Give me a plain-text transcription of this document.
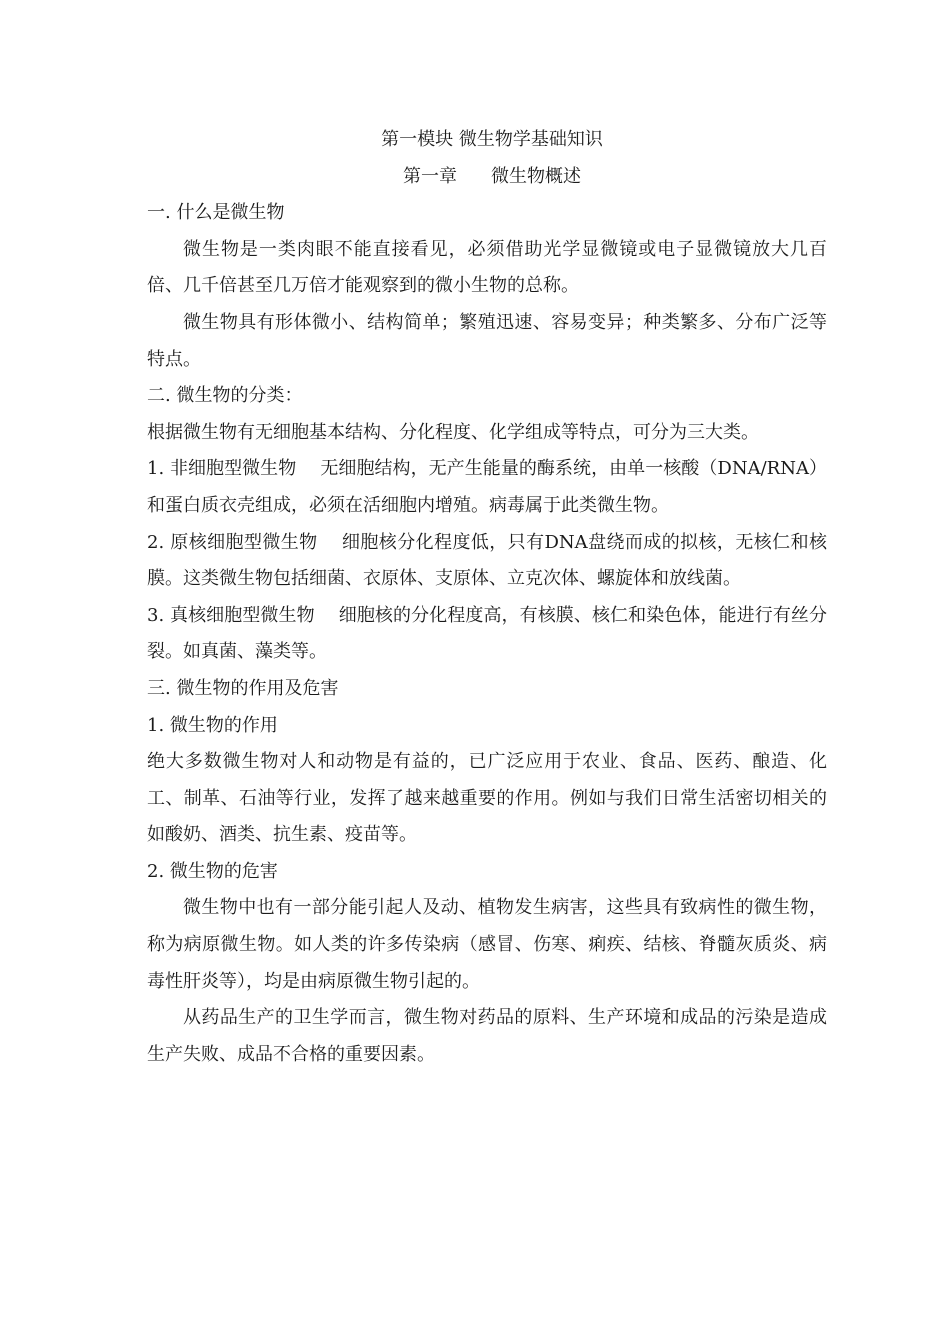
第一模块 微生物学基础知识

第一章 微生物概述

一. 什么是微生物

微生物是一类肉眼不能直接看见，必须借助光学显微镜或电子显微镜放大几百倍、几千倍甚至几万倍才能观察到的微小生物的总称。

微生物具有形体微小、结构简单；繁殖迅速、容易变异；种类繁多、分布广泛等特点。

二. 微生物的分类：

根据微生物有无细胞基本结构、分化程度、化学组成等特点，可分为三大类。

1. 非细胞型微生物 无细胞结构，无产生能量的酶系统，由单一核酸（DNA/RNA）和蛋白质衣壳组成，必须在活细胞内增殖。病毒属于此类微生物。

2. 原核细胞型微生物 细胞核分化程度低，只有DNA盘绕而成的拟核，无核仁和核膜。这类微生物包括细菌、衣原体、支原体、立克次体、螺旋体和放线菌。

3. 真核细胞型微生物 细胞核的分化程度高，有核膜、核仁和染色体，能进行有丝分裂。如真菌、藻类等。

三. 微生物的作用及危害

1. 微生物的作用

绝大多数微生物对人和动物是有益的，已广泛应用于农业、食品、医药、酿造、化工、制革、石油等行业，发挥了越来越重要的作用。例如与我们日常生活密切相关的如酸奶、酒类、抗生素、疫苗等。

2. 微生物的危害

微生物中也有一部分能引起人及动、植物发生病害，这些具有致病性的微生物，称为病原微生物。如人类的许多传染病（感冒、伤寒、痢疾、结核、脊髓灰质炎、病毒性肝炎等），均是由病原微生物引起的。

从药品生产的卫生学而言，微生物对药品的原料、生产环境和成品的污染是造成生产失败、成品不合格的重要因素。
